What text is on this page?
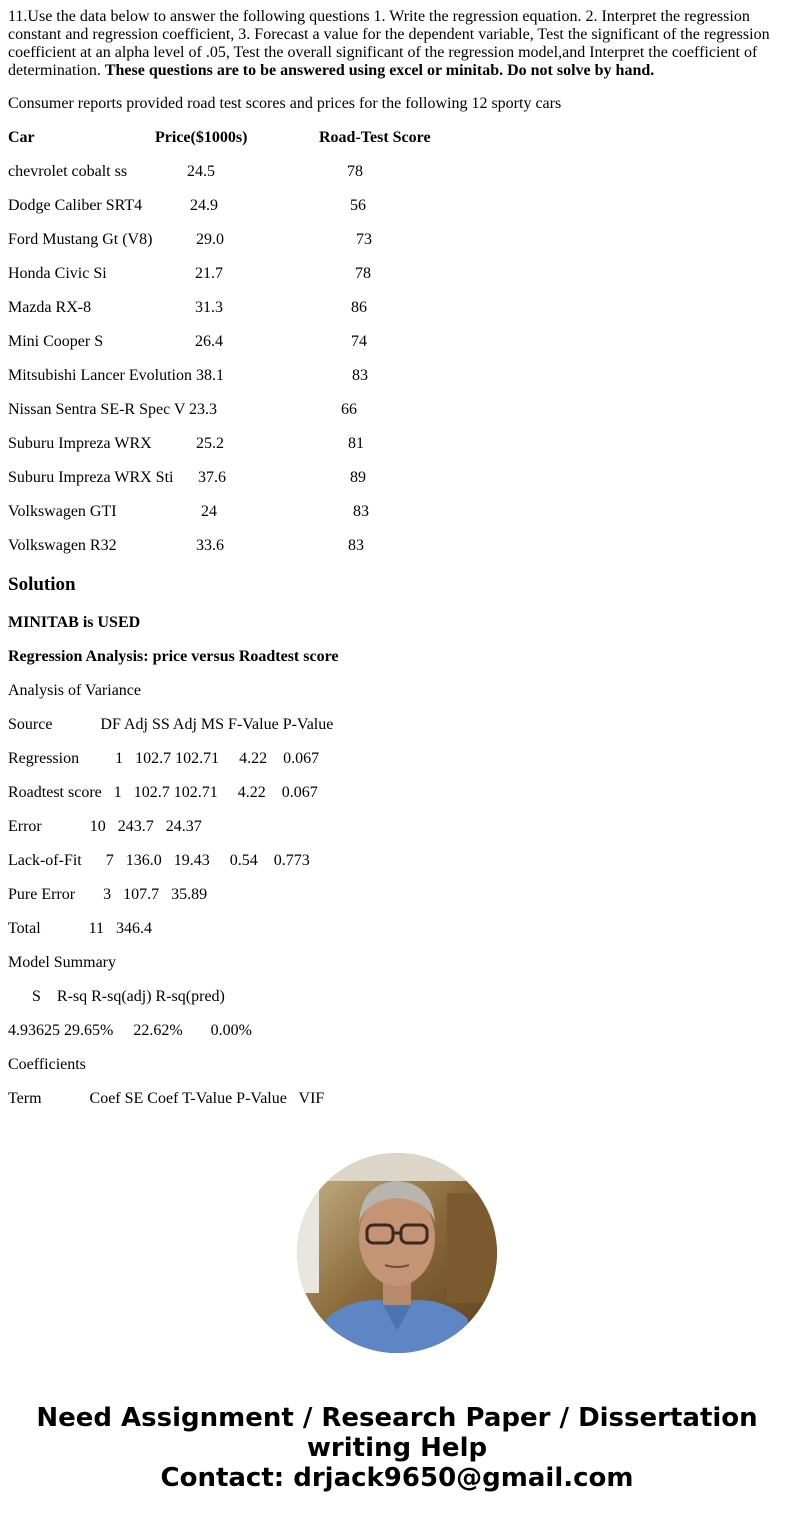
11.Use the data below to answer the following questions 1. Write the regression equation. 2. Interpret the regression constant and regression coefficient, 3. Forecast a value for the dependent variable, Test the significant of the regression coefficient at an alpha level of .05, Test the overall significant of the regression model,and Interpret the coefficient of determination. These questions are to be answered using excel or minitab. Do not solve by hand.

Consumer reports provided road test scores and prices for the following 12 sporty cars
Car	Price($1000s)	Road-Test Score
chevrolet cobalt ss	24.5	78
Dodge Caliber SRT4	24.9	56
Ford Mustang Gt (V8)	29.0	73
Honda Civic Si	21.7	78
Mazda RX-8	31.3	86
Mini Cooper S	26.4	74
Mitsubishi Lancer Evolution 38.1	83
Nissan Sentra SE-R Spec V 23.3	66
Suburu Impreza WRX	25.2	81
Suburu Impreza WRX Sti 37.6	89
Volkswagen GTI	24	83
Volkswagen R32	33.6	83
Solution
MINITAB is USED
Regression Analysis: price versus Roadtest score
Analysis of Variance
Source            DF Adj SS Adj MS F-Value P-Value
Regression         1   102.7 102.71     4.22    0.067
Roadtest score   1   102.7 102.71     4.22    0.067
Error            10   243.7   24.37
Lack-of-Fit      7   136.0   19.43     0.54    0.773
Pure Error       3   107.7   35.89
Total            11   346.4
Model Summary
S    R-sq R-sq(adj) R-sq(pred)
4.93625 29.65%     22.62%       0.00%
Coefficients
Term            Coef SE Coef T-Value P-Value   VIF
Need Assignment / Research Paper / Dissertation
writing Help
Contact: drjack9650@gmail.com
